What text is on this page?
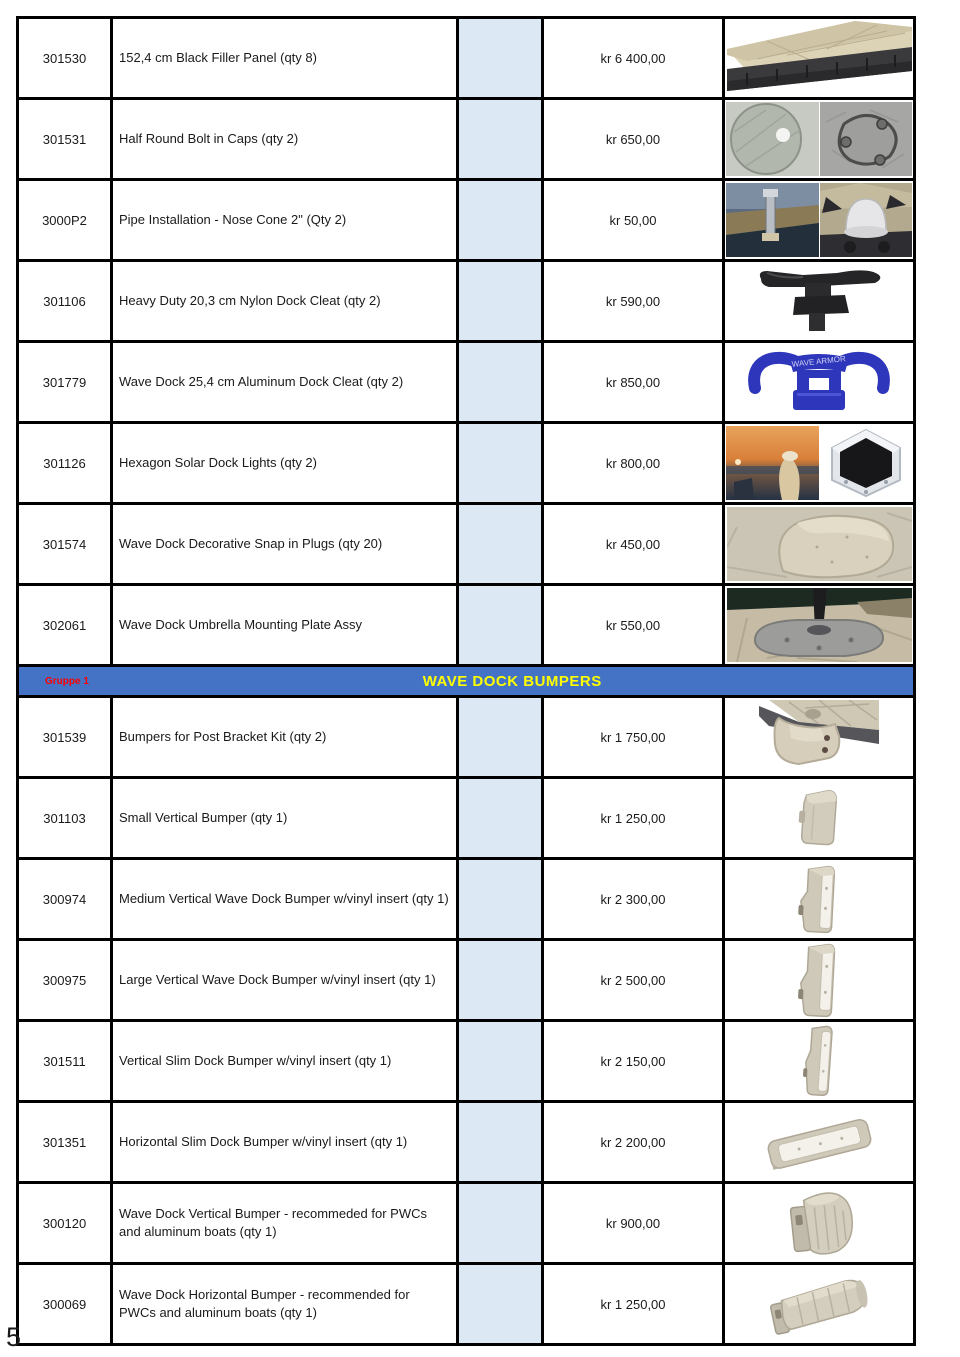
301530	152,4 cm Black Filler Panel (qty 8)		kr 6 400,00	

301531	Half Round Bolt in Caps (qty 2)		kr 650,00	

3000P2	Pipe Installation - Nose Cone 2" (Qty 2)		kr 50,00	

301106	Heavy Duty 20,3 cm Nylon Dock Cleat (qty 2)		kr 590,00	

301779	Wave Dock 25,4 cm Aluminum Dock Cleat (qty 2)		kr 850,00	WAVE ARMOR

301126	Hexagon Solar Dock Lights (qty 2)		kr 800,00	

301574	Wave Dock Decorative Snap in Plugs (qty 20)		kr 450,00	

302061	Wave Dock Umbrella Mounting Plate Assy		kr 550,00	

Gruppe 1	WAVE DOCK BUMPERS			
301539	Bumpers for Post Bracket Kit (qty 2)		kr 1 750,00	

301103	Small Vertical Bumper (qty 1)		kr 1 250,00	

300974	Medium Vertical Wave Dock Bumper w/vinyl insert (qty 1)		kr 2 300,00	

300975	Large Vertical Wave Dock Bumper w/vinyl insert (qty 1)		kr 2 500,00	

301511	Vertical Slim Dock Bumper w/vinyl insert (qty 1)		kr 2 150,00	

301351	Horizontal Slim Dock Bumper w/vinyl insert (qty 1)		kr 2 200,00	

300120	Wave Dock Vertical Bumper - recommeded for PWCs and aluminum boats (qty 1)		kr 900,00	

300069	Wave Dock Horizontal Bumper - recommended for PWCs and aluminum boats (qty 1)		kr 1 250,00	
5
